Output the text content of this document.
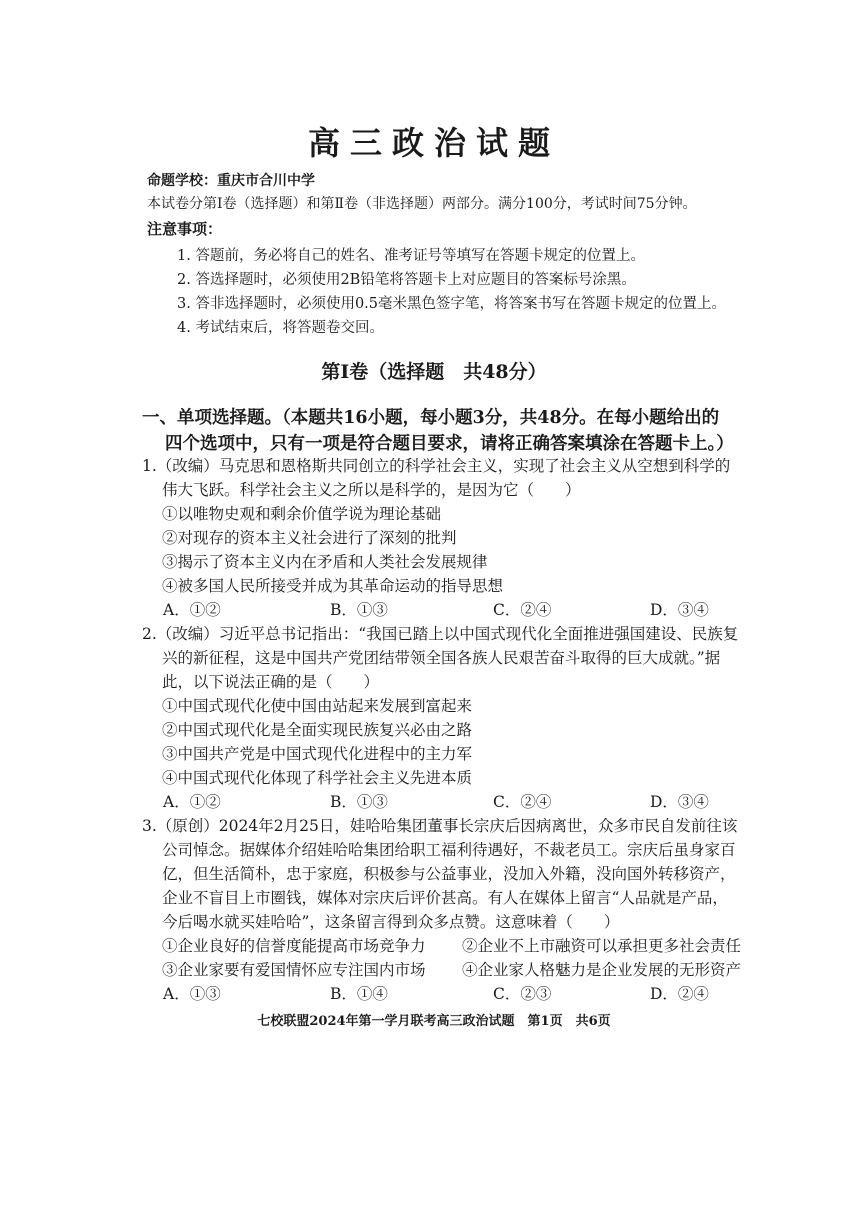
高三政治试题
命题学校：重庆市合川中学
本试卷分第Ⅰ卷（选择题）和第Ⅱ卷（非选择题）两部分。满分100分，考试时间75分钟。
注意事项：
1. 答题前，务必将自己的姓名、准考证号等填写在答题卡规定的位置上。
2. 答选择题时，必须使用2B铅笔将答题卡上对应题目的答案标号涂黑。
3. 答非选择题时，必须使用0.5毫米黑色签字笔，将答案书写在答题卡规定的位置上。
4. 考试结束后，将答题卷交回。
第Ⅰ卷（选择题　共48分）
一、单项选择题。（本题共16小题，每小题3分，共48分。在每小题给出的
四个选项中，只有一项是符合题目要求，请将正确答案填涂在答题卡上。）
1.（改编）马克思和恩格斯共同创立的科学社会主义，实现了社会主义从空想到科学的
伟大飞跃。科学社会主义之所以是科学的，是因为它（　　）
①以唯物史观和剩余价值学说为理论基础
②对现存的资本主义社会进行了深刻的批判
③揭示了资本主义内在矛盾和人类社会发展规律
④被多国人民所接受并成为其革命运动的指导思想
A．①②	B．①③	C．②④	D．③④
2.（改编）习近平总书记指出：“我国已踏上以中国式现代化全面推进强国建设、民族复
兴的新征程，这是中国共产党团结带领全国各族人民艰苦奋斗取得的巨大成就。”据
此，以下说法正确的是（　　）
①中国式现代化使中国由站起来发展到富起来
②中国式现代化是全面实现民族复兴必由之路
③中国共产党是中国式现代化进程中的主力军
④中国式现代化体现了科学社会主义先进本质
A．①②	B．①③	C．②④	D．③④
3.（原创）2024年2月25日，娃哈哈集团董事长宗庆后因病离世，众多市民自发前往该
公司悼念。据媒体介绍娃哈哈集团给职工福利待遇好，不裁老员工。宗庆后虽身家百
亿，但生活简朴，忠于家庭，积极参与公益事业，没加入外籍，没向国外转移资产，
企业不盲目上市圈钱，媒体对宗庆后评价甚高。有人在媒体上留言“人品就是产品，
今后喝水就买娃哈哈”，这条留言得到众多点赞。这意味着（　　）
①企业良好的信誉度能提高市场竞争力 ②企业不上市融资可以承担更多社会责任
③企业家要有爱国情怀应专注国内市场 ④企业家人格魅力是企业发展的无形资产
A．①③	B．①④	C．②③	D．②④
七校联盟2024年第一学月联考高三政治试题　第1页　共6页
